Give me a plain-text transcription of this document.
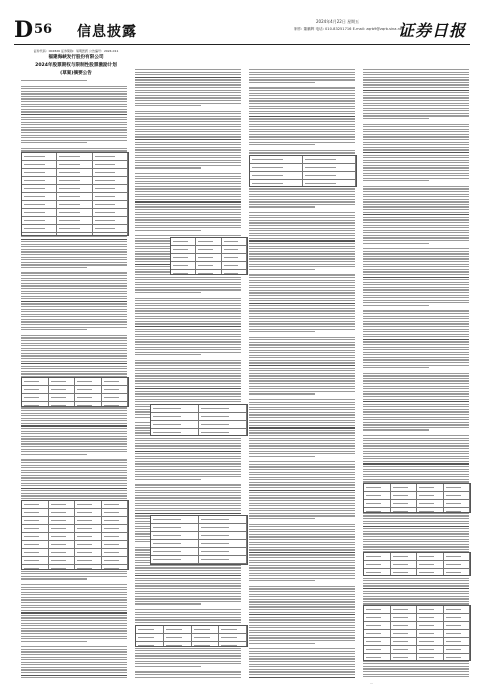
D 56 信息披露
2024年4月22日 星期五
制作: 董鹏辉 电话: 010-83251716 E-mail: zqrb9@zqrb.sina.net
证券日报
证券代码：002826 证券简称：易明医药 公告编号：2024-011
福建海峡发行股份有限公司
2024年股票期权与限制性股票激励计划
(草案)摘要公告
…
